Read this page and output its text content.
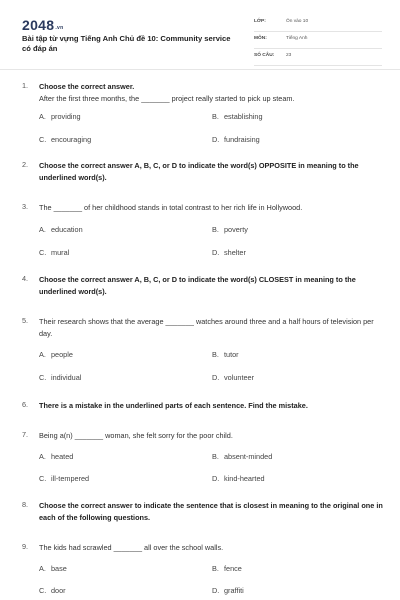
2048.vn
Bài tập từ vựng Tiếng Anh Chủ đề 10: Community service có đáp án
LỚP:	Ôn vào 10
MÔN:	Tiếng Anh
SỐ CÂU: 23
1. Choose the correct answer.
After the first three months, the _______ project really started to pick up steam.
A. providing	B. establishing
C. encouraging	D. fundraising
2. Choose the correct answer A, B, C, or D to indicate the word(s) OPPOSITE in meaning to the underlined word(s).
3. The _______ of her childhood stands in total contrast to her rich life in Hollywood.
A. education	B. poverty
C. mural	D. shelter
4. Choose the correct answer A, B, C, or D to indicate the word(s) CLOSEST in meaning to the underlined word(s).
5. Their research shows that the average _______ watches around three and a half hours of television per day.
A. people	B. tutor
C. individual	D. volunteer
6. There is a mistake in the underlined parts of each sentence. Find the mistake.
7. Being a(n) _______ woman, she felt sorry for the poor child.
A. heated	B. absent-minded
C. ill-tempered	D. kind-hearted
8. Choose the correct answer to indicate the sentence that is closest in meaning to the original one in each of the following questions.
9. The kids had scrawled _______ all over the school walls.
A. base	B. fence
C. door	D. graffiti
